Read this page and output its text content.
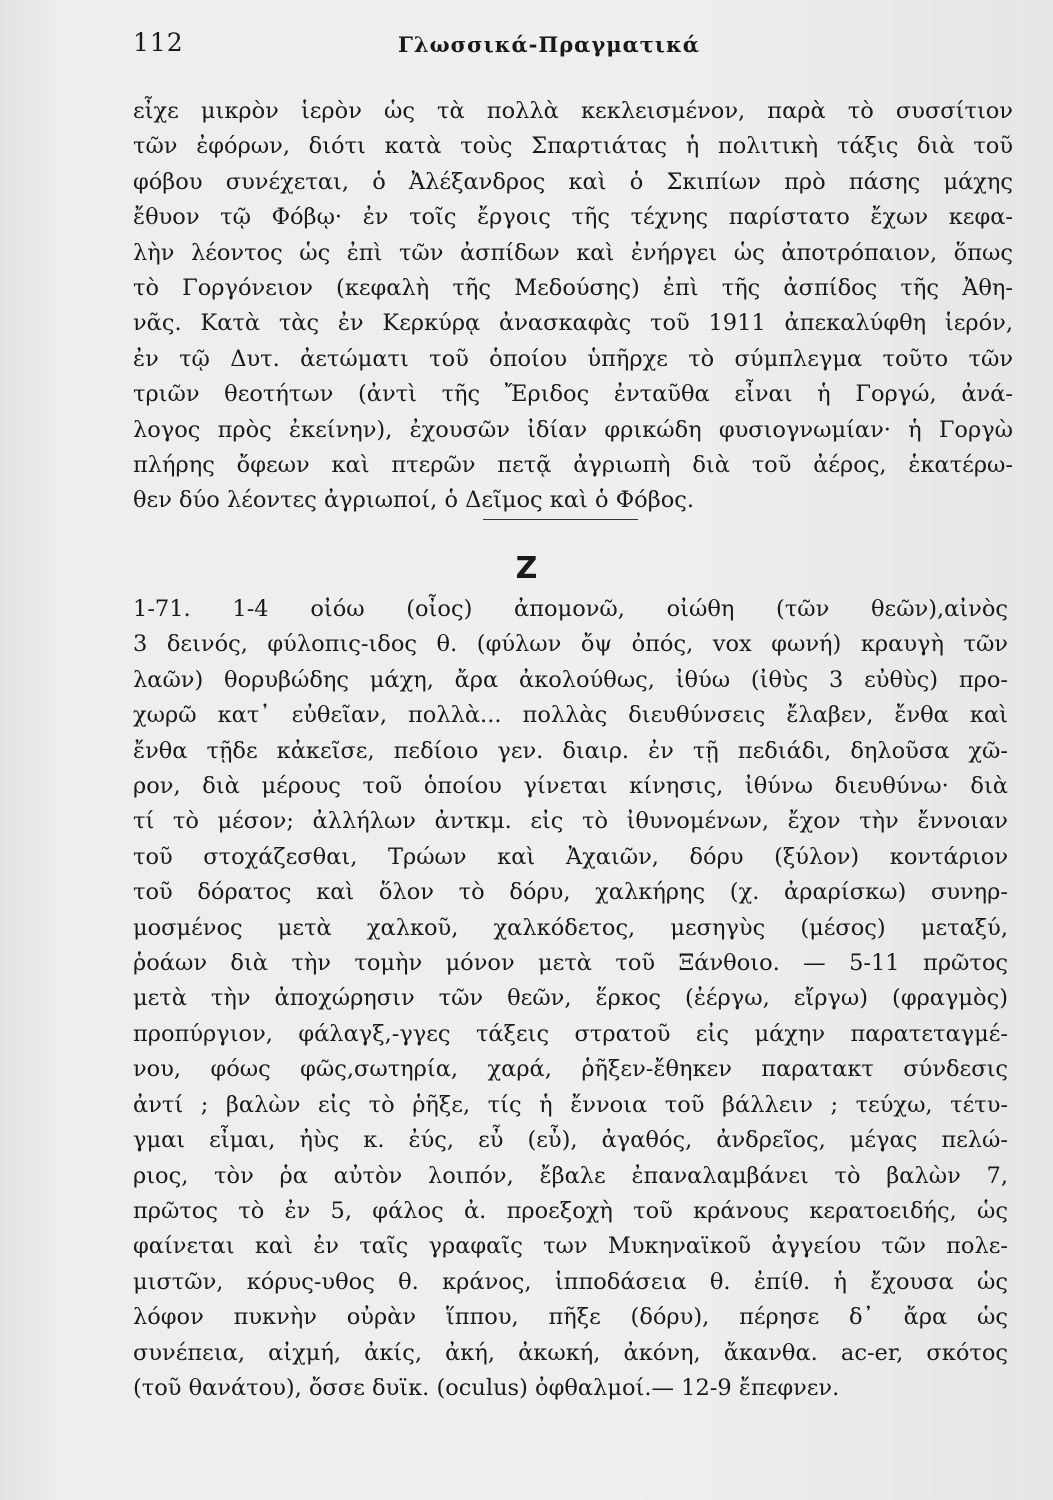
112	Γλωσσικά-Πραγματικά

εἶχε μικρὸν ἱερὸν ὡς τὰ πολλὰ κεκλεισμένον, παρὰ τὸ συσσίτιον
τῶν ἐφόρων, διότι κατὰ τοὺς Σπαρτιάτας ἡ πολιτικὴ τάξις διὰ τοῦ
φόβου συνέχεται, ὁ Ἀλέξανδρος καὶ ὁ Σκιπίων πρὸ πάσης μάχης
ἔθυον τῷ Φόβῳ· ἐν τοῖς ἔργοις τῆς τέχνης παρίστατο ἔχων κεφα-
λὴν λέοντος ὡς ἐπὶ τῶν ἀσπίδων καὶ ἐνήργει ὡς ἀποτρόπαιον, ὅπως
τὸ Γοργόνειον (κεφαλὴ τῆς Μεδούσης) ἐπὶ τῆς ἀσπίδος τῆς Ἀθη-
νᾶς. Κατὰ τὰς ἐν Κερκύρᾳ ἀνασκαφὰς τοῦ 1911 ἀπεκαλύφθη ἱερόν,
ἐν τῷ Δυτ. ἀετώματι τοῦ ὁποίου ὑπῆρχε τὸ σύμπλεγμα τοῦτο τῶν
τριῶν θεοτήτων (ἀντὶ τῆς Ἔριδος ἐνταῦθα εἶναι ἡ Γοργώ, ἀνά-
λογος πρὸς ἐκείνην), ἐχουσῶν ἰδίαν φρικώδη φυσιογνωμίαν· ἡ Γοργὼ
πλήρης ὄφεων καὶ πτερῶν πετᾷ ἀγριωπὴ διὰ τοῦ ἀέρος, ἑκατέρω-
θεν δύο λέοντες ἀγριωποί, ὁ Δεῖμος καὶ ὁ Φόβος.

Ζ
1-71. 1-4 οἰόω (οἶος) ἀπομονῶ, οἰώθη (τῶν θεῶν),αἰνὸς
3 δεινός, φύλοπις-ιδος θ. (φύλων ὄψ ὀπός, vox φωνή) κραυγὴ τῶν
λαῶν) θορυβώδης μάχη, ἄρα ἀκολούθως, ἰθύω (ἰθὺς 3 εὐθὺς) προ-
χωρῶ κατ᾽ εὐθεῖαν, πολλὰ... πολλὰς διευθύνσεις ἔλαβεν, ἔνθα καὶ
ἔνθα τῇδε κἀκεῖσε, πεδίοιο γεν. διαιρ. ἐν τῇ πεδιάδι, δηλοῦσα χῶ-
ρον, διὰ μέρους τοῦ ὁποίου γίνεται κίνησις, ἰθύνω διευθύνω· διὰ
τί τὸ μέσον; ἀλλήλων ἀντκμ. εἰς τὸ ἰθυνομένων, ἔχον τὴν ἔννοιαν
τοῦ στοχάζεσθαι, Τρώων καὶ Ἀχαιῶν, δόρυ (ξύλον) κοντάριον
τοῦ δόρατος καὶ ὅλον τὸ δόρυ, χαλκήρης (χ. ἀραρίσκω) συνηρ-
μοσμένος μετὰ χαλκοῦ, χαλκόδετος, μεσηγὺς (μέσος) μεταξύ,
ῥοάων διὰ τὴν τομὴν μόνον μετὰ τοῦ Ξάνθοιο. — 5-11 πρῶτος
μετὰ τὴν ἀποχώρησιν τῶν θεῶν, ἕρκος (ἐέργω, εἴργω) (φραγμὸς)
προπύργιον, φάλαγξ,-γγες τάξεις στρατοῦ εἰς μάχην παρατεταγμέ-
νου, φόως φῶς,σωτηρία, χαρά, ῥῆξεν-ἔθηκεν παρατακτ σύνδεσις
ἀντί ; βαλὼν εἰς τὸ ῥῆξε, τίς ἡ ἔννοια τοῦ βάλλειν ; τεύχω, τέτυ-
γμαι εἶμαι, ἠὺς κ. ἐύς, εὖ (εὖ), ἀγαθός, ἀνδρεῖος, μέγας πελώ-
ριος, τὸν ῥα αὐτὸν λοιπόν, ἔβαλε ἐπαναλαμβάνει τὸ βαλὼν 7,
πρῶτος τὸ ἐν 5, φάλος ἀ. προεξοχὴ τοῦ κράνους κερατοειδής, ὡς
φαίνεται καὶ ἐν ταῖς γραφαῖς των Μυκηναϊκοῦ ἀγγείου τῶν πολε-
μιστῶν, κόρυς-υθος θ. κράνος, ἱπποδάσεια θ. ἐπίθ. ἡ ἔχουσα ὡς
λόφον πυκνὴν οὐρὰν ἵππου, πῆξε (δόρυ), πέρησε δ᾽ ἄρα ὡς
συνέπεια, αἰχμή, ἀκίς, ἀκή, ἀκωκή, ἀκόνη, ἄκανθα. ac-er, σκότος
(τοῦ θανάτου), ὄσσε δυϊκ. (oculus) ὀφθαλμοί.— 12-9 ἔπεφνεν.
